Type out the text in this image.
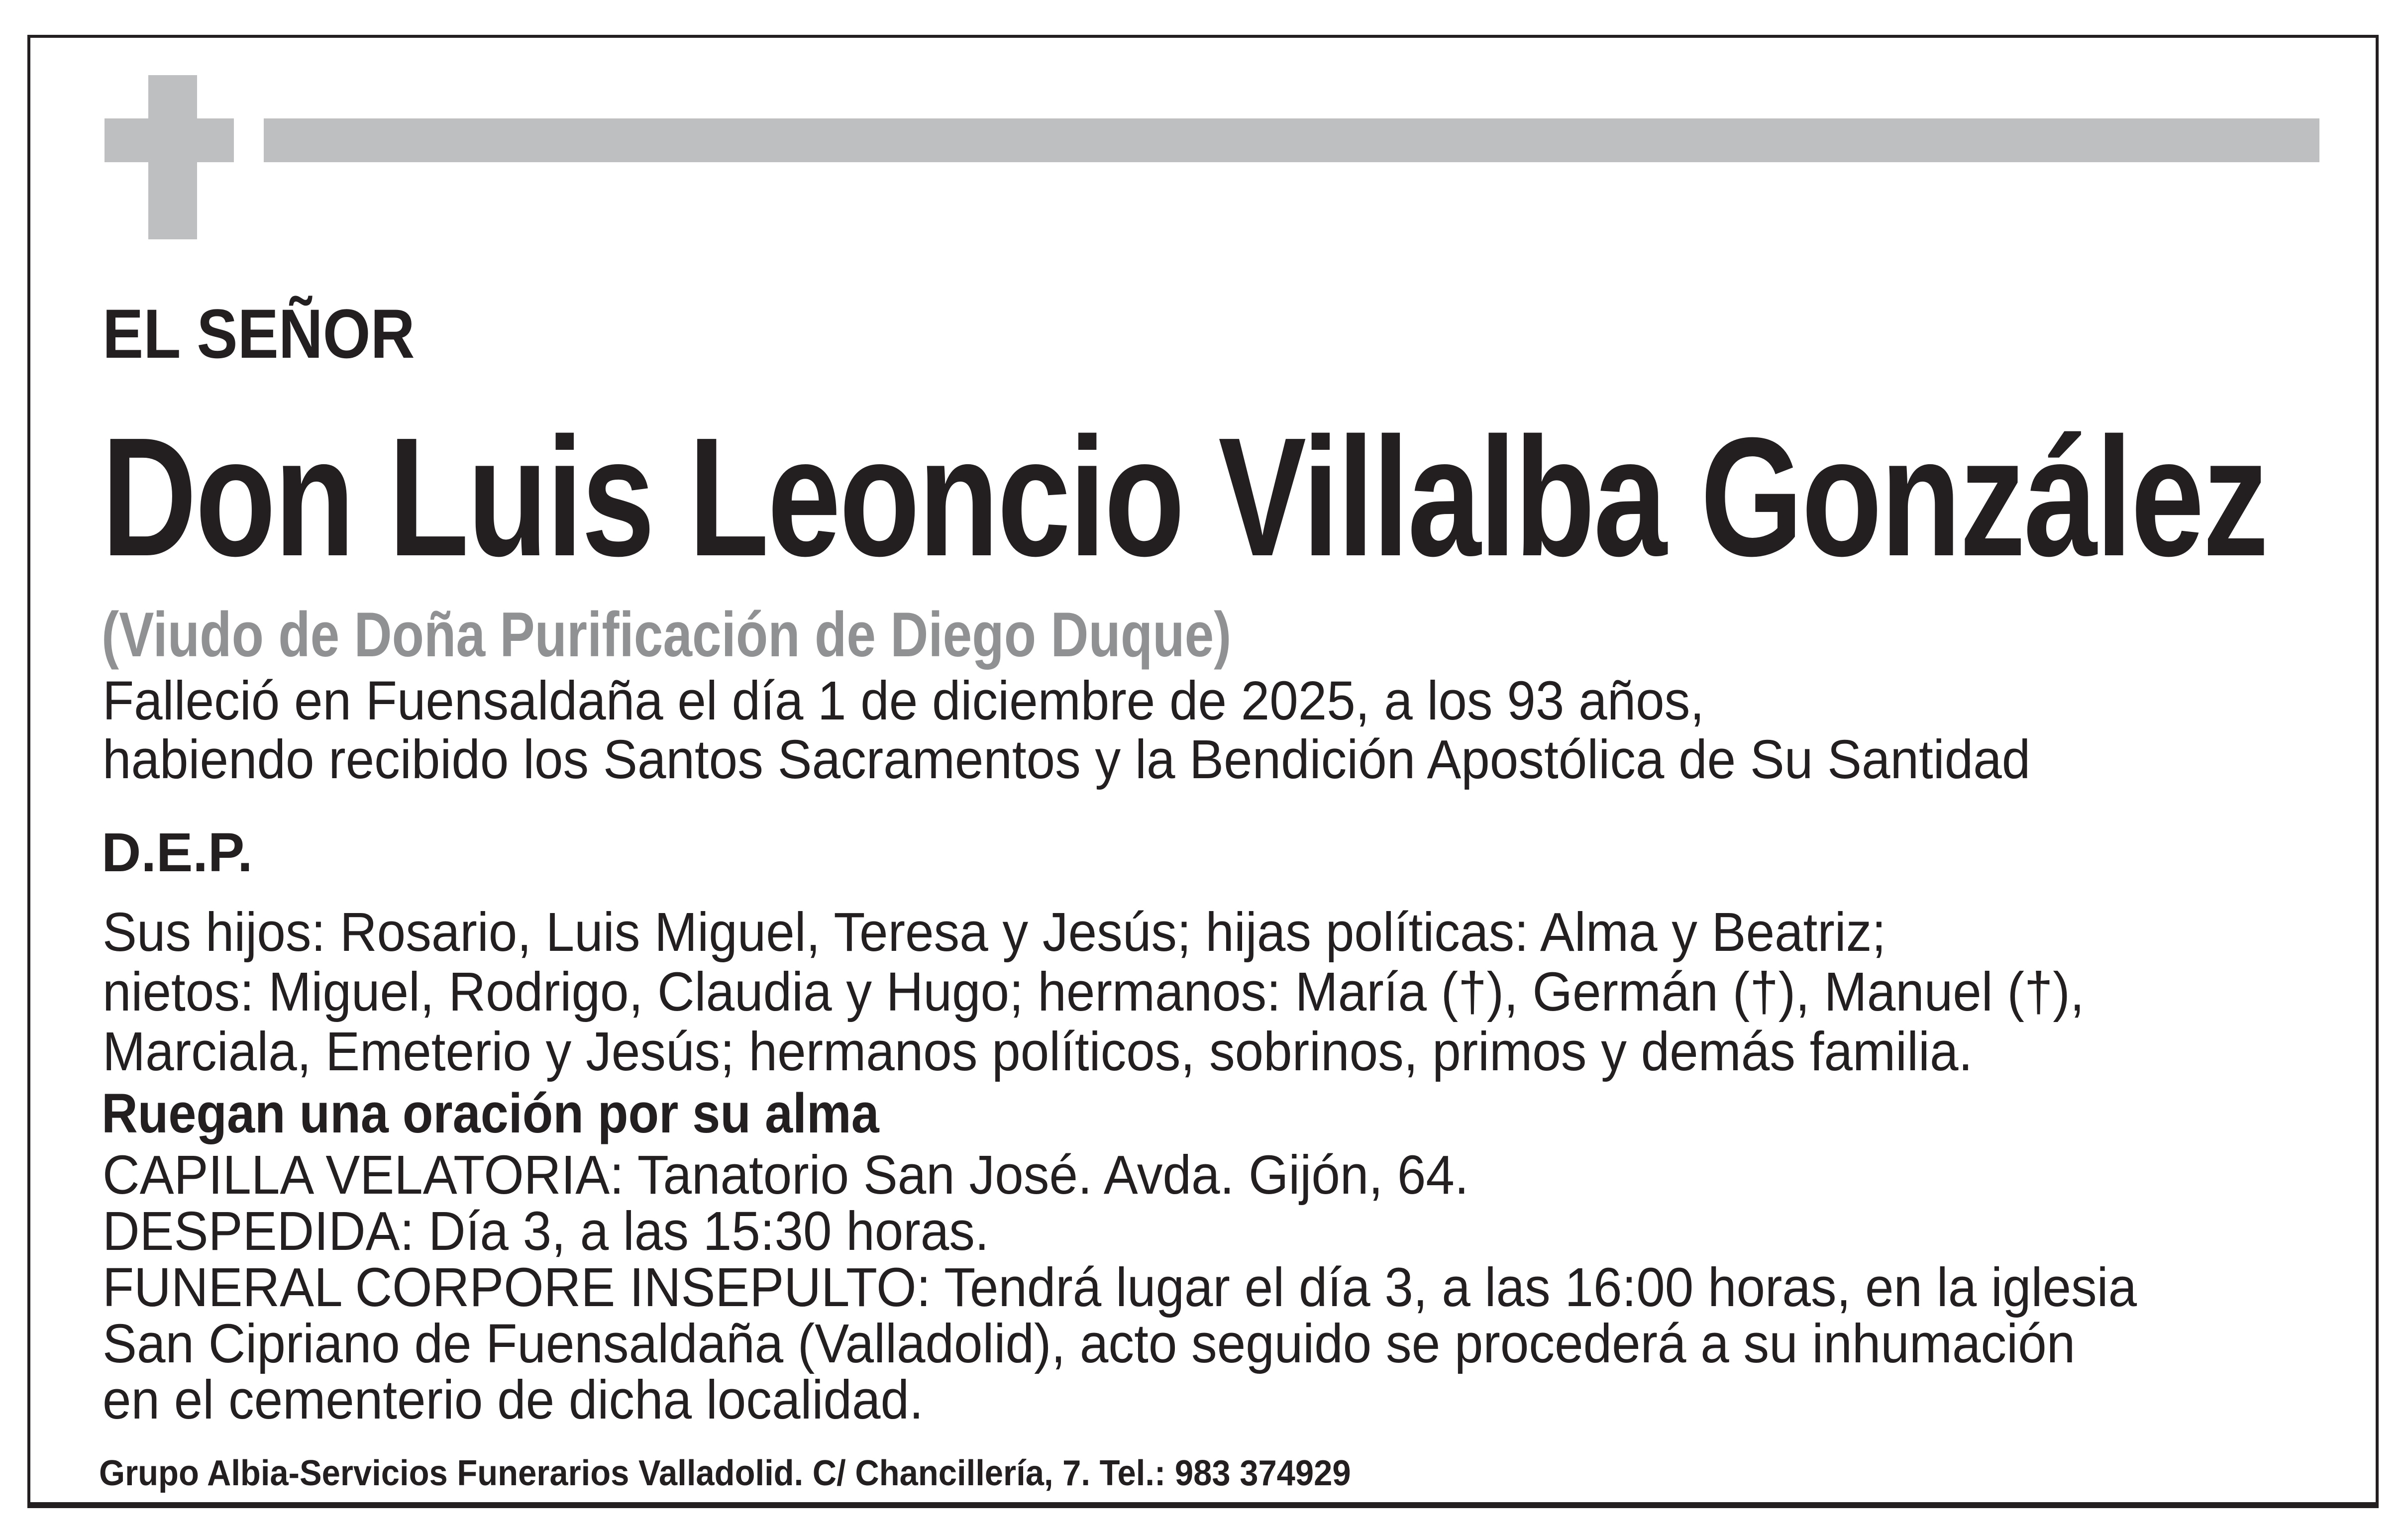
EL SEÑOR
Don Luis Leoncio Villalba González
(Viudo de Doña Purificación de Diego Duque)
Falleció en Fuensaldaña el día 1 de diciembre de 2025, a los 93 años,
habiendo recibido los Santos Sacramentos y la Bendición Apostólica de Su Santidad
D.E.P.
Sus hijos: Rosario, Luis Miguel, Teresa y Jesús; hijas políticas: Alma y Beatriz;
nietos: Miguel, Rodrigo, Claudia y Hugo; hermanos: María (†), Germán (†), Manuel (†),
Marciala, Emeterio y Jesús; hermanos políticos, sobrinos, primos y demás familia.
Ruegan una oración por su alma
CAPILLA VELATORIA: Tanatorio San José. Avda. Gijón, 64.
DESPEDIDA: Día 3, a las 15:30 horas.
FUNERAL CORPORE INSEPULTO: Tendrá lugar el día 3, a las 16:00 horas, en la iglesia
San Cipriano de Fuensaldaña (Valladolid), acto seguido se procederá a su inhumación
en el cementerio de dicha localidad.
Grupo Albia-Servicios Funerarios Valladolid. C/ Chancillería, 7. Tel.: 983 374929
